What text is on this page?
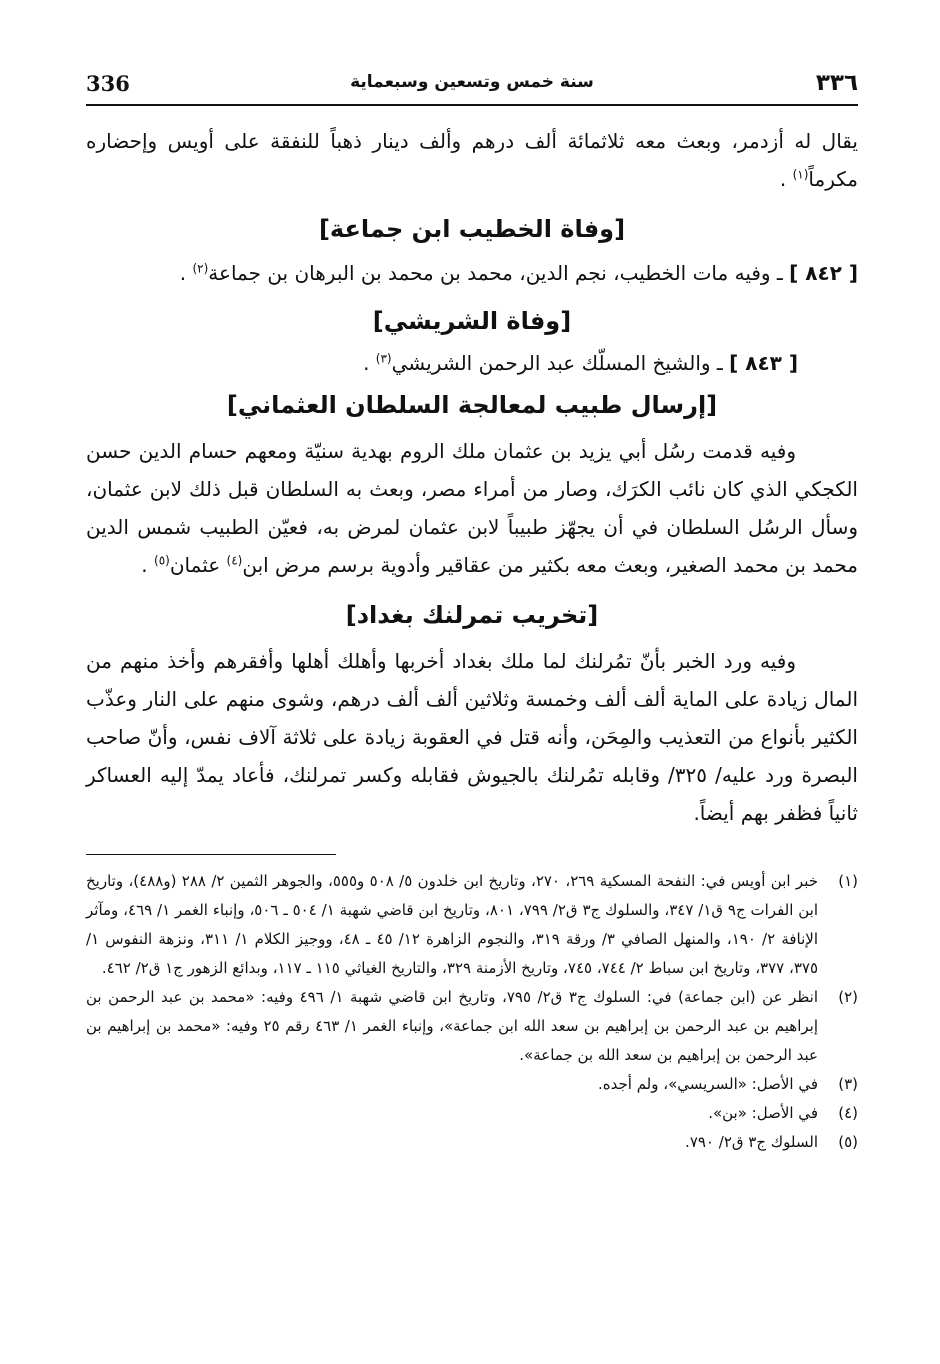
336	سنة خمس وتسعين وسبعماية	٣٣٦

يقال له أزدمر، وبعث معه ثلاثمائة ألف درهم وألف دينار ذهباً للنفقة على أويس وإحضاره مكرماً$^{(١)}$ .

[وفاة الخطيب ابن جماعة]

[ ٨٤٢ ] ـ وفيه مات الخطيب، نجم الدين، محمد بن محمد بن البرهان بن جماعة$^{(٢)}$ .

[وفاة الشريشي]

[ ٨٤٣ ] ـ والشيخ المسلّك عبد الرحمن الشريشي$^{(٣)}$ .

[إرسال طبيب لمعالجة السلطان العثماني]

وفيه قدمت رسُل أبي يزيد بن عثمان ملك الروم بهدية سنيّة ومعهم حسام الدين حسن الكجكي الذي كان نائب الكرَك، وصار من أمراء مصر، وبعث به السلطان قبل ذلك لابن عثمان، وسأل الرسُل السلطان في أن يجهّز طبيباً لابن عثمان لمرض به، فعيّن الطبيب شمس الدين محمد بن محمد الصغير، وبعث معه بكثير من عقاقير وأدوية برسم مرض ابن$^{(٤)}$ عثمان$^{(٥)}$ .

[تخريب تمرلنك بغداد]

وفيه ورد الخبر بأنّ تمُرلنك لما ملك بغداد أخربها وأهلك أهلها وأفقرهم وأخذ منهم من المال زيادة على الماية ألف ألف وخمسة وثلاثين ألف ألف درهم، وشوى منهم على النار وعذّب الكثير بأنواع من التعذيب والمِحَن، وأنه قتل في العقوبة زيادة على ثلاثة آلاف نفس، وأنّ صاحب البصرة ورد عليه/ ٣٢٥/ وقابله تمُرلنك بالجيوش فقابله وكسر تمرلنك، فأعاد يمدّ إليه العساكر ثانياً فظفر بهم أيضاً.

(١)
خبر ابن أويس في: النفحة المسكية ٢٦٩، ٢٧٠، وتاريخ ابن خلدون ٥/ ٥٠٨ و٥٥٥، والجوهر الثمين ٢/ ٢٨٨ (و٤٨٨)، وتاريخ ابن الفرات ج٩ ق١/ ٣٤٧، والسلوك ج٣ ق٢/ ٧٩٩، ٨٠١، وتاريخ ابن قاضي شهبة ١/ ٥٠٤ ـ ٥٠٦، وإنباء الغمر ١/ ٤٦٩، ومآثر الإنافة ٢/ ١٩٠، والمنهل الصافي ٣/ ورقة ٣١٩، والنجوم الزاهرة ١٢/ ٤٥ ـ ٤٨، ووجيز الكلام ١/ ٣١١، ونزهة النفوس ١/ ٣٧٥، ٣٧٧، وتاريخ ابن سباط ٢/ ٧٤٤، ٧٤٥، وتاريخ الأزمنة ٣٢٩، والتاريخ الغياثي ١١٥ ـ ١١٧، وبدائع الزهور ج١ ق٢/ ٤٦٢.
(٢)
انظر عن (ابن جماعة) في: السلوك ج٣ ق٢/ ٧٩٥، وتاريخ ابن قاضي شهبة ١/ ٤٩٦ وفيه: «محمد بن عبد الرحمن بن إبراهيم بن عبد الرحمن بن إبراهيم بن سعد الله ابن جماعة»، وإنباء الغمر ١/ ٤٦٣ رقم ٢٥ وفيه: «محمد بن إبراهيم بن عبد الرحمن بن إبراهيم بن سعد الله بن جماعة».
(٣)
في الأصل: «السريسي»، ولم أجده.
(٤)
في الأصل: «بن».
(٥)
السلوك ج٣ ق٢/ ٧٩٠.
